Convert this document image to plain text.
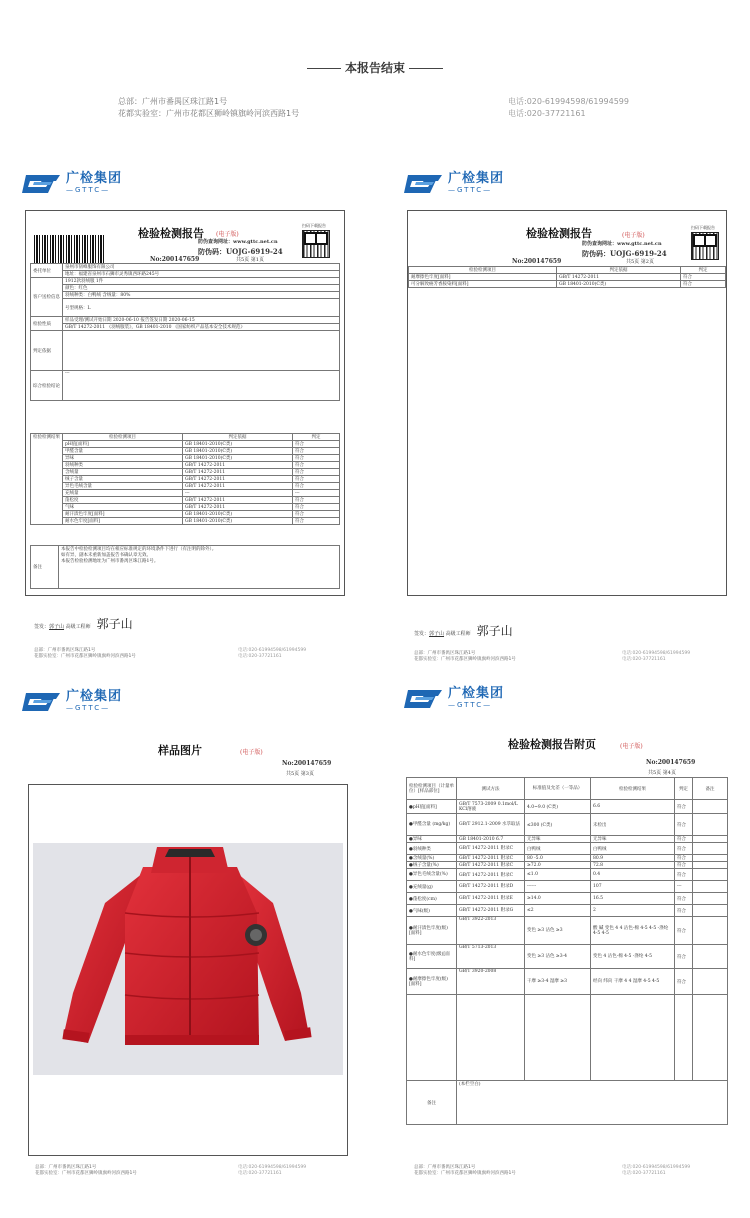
本报告结束
总部：广州市番禺区珠江路1号
花都实验室：广州市花都区狮岭镇旗岭河滨西路1号
电话:020-61994598/61994599
电话:020-37721161
广检集团
—GTTC—
广检集团
—GTTC—
广检集团
—GTTC—
广检集团
—GTTC—
检验检测报告 (电子版)
防伪查询网址：www.gttc.net.cn
防伪码：UOJG-6919-24
No:200147659	共5页 第1页
扫码下载报告
委托单位	泉州市韧峰服饰有限公司
	地址：福建省泉州市石狮市灵秀镇西环路245号
客户送检信息	1912款羽绒服 1件
	颜色：红色
	羽绒种类：白鸭绒 含绒量：80%
	号型规格：L
检验性质	样品受理/测试开始日期 2020-06-10 报告签发日期 2020-06-15
	GB/T 14272-2011 《羽绒服装》，GB 18401-2010 《国家纺织产品基本安全技术规范》
判定依据	
综合检验结论	---
检验检测结果	检验检测项目	判定依据	判定
	pH值[面料]	GB 18401-2010(C类)	符合
	甲醛含量	GB 18401-2010(C类)	符合
	异味	GB 18401-2010(C类)	符合
	羽绒种类	GB/T 14272-2011	符合
	含绒量	GB/T 14272-2011	符合
	绒子含量	GB/T 14272-2011	符合
	异色毛绒含量	GB/T 14272-2011	符合
	充绒量	---	---
	蓬松度	GB/T 14272-2011	符合
	气味	GB/T 14272-2011	符合
	耐汗渍色牢度[面料]	GB 18401-2010(C类)	符合
	耐水色牢度[面料]	GB 18401-2010(C类)	符合
备注	本报告中检验检测项目均在相应标准规定的环境条件下进行（有注明的除外）。
如有异，副本未重新加盖报告书确认章无效。
本报告检验检测地址为广州市番禺区珠江路1号。
签发：郭子山 高级工程师 郭子山
总部：广州市番禺区珠江路1号
花都实验室：广州市花都区狮岭镇旗岭河滨西路1号
电话:020-61994598/61994599
电话:020-37721161
检验检测报告	(电子版)
防伪查询网址：www.gttc.net.cn
防伪码：UOJG-6919-24
No:200147659	共5页 第2页
扫码下载报告
检验检测项目	判定依据	判定
耐摩擦色牢度[面料]	GB/T 14272-2011	符合
可分解致癌芳香胺染料[面料]	GB 18401-2010(C类)	符合
签发：郭子山 高级工程师 郭子山
总部：广州市番禺区珠江路1号
花都实验室：广州市花都区狮岭镇旗岭河滨西路1号
电话:020-61994598/61994599
电话:020-37721161
样品图片	(电子版)
No:200147659
共5页 第3页
总部：广州市番禺区珠江路1号
花都实验室：广州市花都区狮岭镇旗岭河滨西路1号
电话:020-61994598/61994599
电话:020-37721161
检验检测报告附页	(电子版)
No:200147659
共5页 第4页
检验检测项目（计量单位）[样品部位]	测试方法	标准值及允差（一等品）	检验检测结果	判定	备注
●pH值[面料]	GB/T 7573-2009 0.1mol/L KCl溶液	4.0~9.0 (C类)	6.6	符合	
●甲醛含量 (mg/kg)	GB/T 2912.1-2009 水萃取法	≤300 (C类)	未检出	符合	
●异味	GB 18401-2010 6.7	无异味	无异味	符合	
●羽绒种类	GB/T 14272-2011 附录C	白鸭绒	白鸭绒	符合	
●含绒量(%)	GB/T 14272-2011 附录C	80 -5.0	80.9	符合	
●绒子含量(%)	GB/T 14272-2011 附录C	≥72.0	72.8	符合	
●异色毛绒含量(%)	GB/T 14272-2011 附录C	≤1.0	0.4	符合	
●充绒量(g)	GB/T 14272-2011 附录D	------	107	---	
●蓬松度(cm)	GB/T 14272-2011 附录E	≥14.0	16.5	符合	
●气味(级)	GB/T 14272-2011 附录G	≤2	2	符合	
●耐汗渍色牢度(级)[面料]	GB/T 3922-2013	变色 ≥3 沾色 ≥3	酸 碱 变色 4 4 沾色-棉 4-5 4-5 -涤纶 4-5 4-5	符合	
●耐水色牢度(级)[面料]	GB/T 5713-2013	变色 ≥3 沾色 ≥3-4	变色 4 沾色-棉 4-5 -涤纶 4-5	符合	
●耐摩擦色牢度(级)[面料]	GB/T 3920-2008	干摩 ≥3-4 湿摩 ≥3	经向 纬向 干摩 4 4 湿摩 4-5 4-5	符合	

备注	(本栏空白)				
总部：广州市番禺区珠江路1号
花都实验室：广州市花都区狮岭镇旗岭河滨西路1号
电话:020-61994598/61994599
电话:020-37721161
